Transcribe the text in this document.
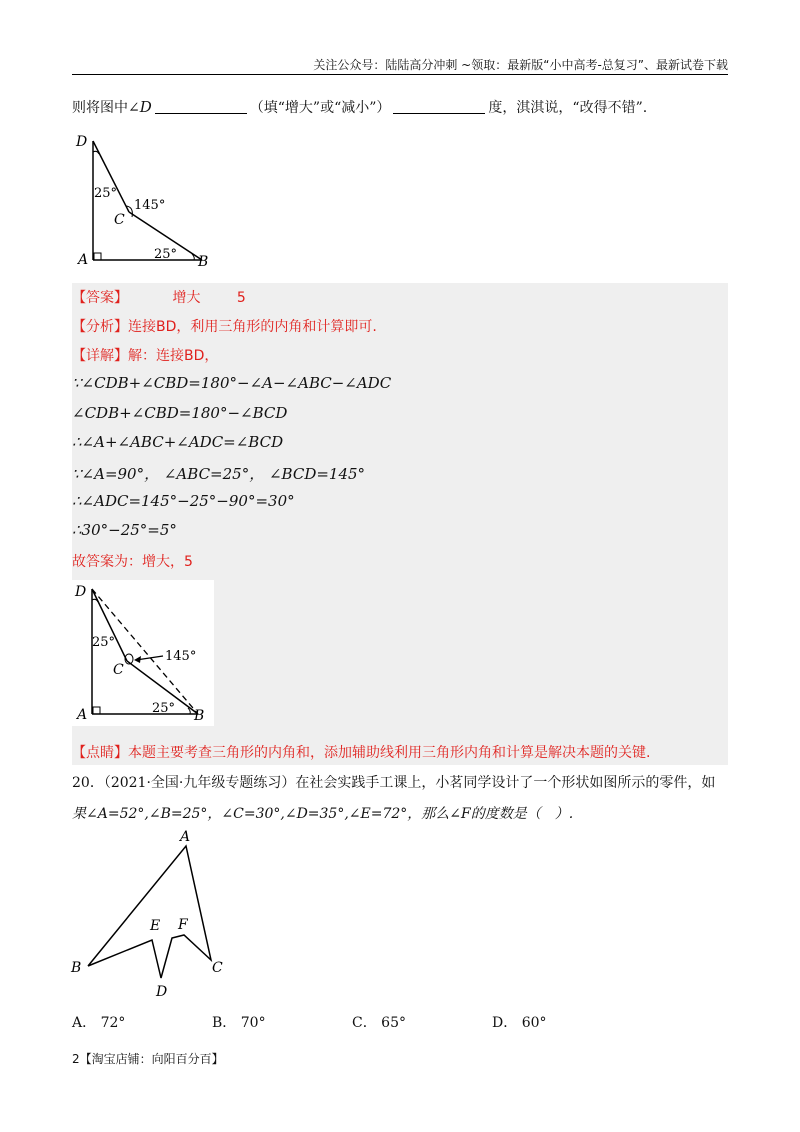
关注公众号：陆陆高分冲刺 ~领取：最新版“小中高考-总复习”、最新试卷下载
则将图中∠D	（填“增大”或“减小”）	度，淇淇说，“改得不错”.
D
A	B
C
25°
145°
25°
【答案】	增大	5
【分析】连接BD，利用三角形的内角和计算即可.
【详解】解：连接BD，
∵∠CDB+∠CBD=180°−∠A−∠ABC−∠ADC
∠CDB+∠CBD=180°−∠BCD
∴∠A+∠ABC+∠ADC=∠BCD
∵∠A=90°， ∠ABC=25°， ∠BCD=145°
∴∠ADC=145°−25°−90°=30°
∴30°−25°=5°
故答案为：增大，5
D
A	B
C
25°
145°
25°
【点睛】本题主要考查三角形的内角和，添加辅助线利用三角形内角和计算是解决本题的关键.
20．（2021·全国·九年级专题练习）在社会实践手工课上，小茗同学设计了一个形状如图所示的零件，如
果∠A=52°,∠B=25°，∠C=30°,∠D=35°,∠E=72°，那么∠F的度数是（　）.
A
B	C
D
E F
A． 72°	B． 70°	C． 65°	D． 60°
2【淘宝店铺：向阳百分百】
